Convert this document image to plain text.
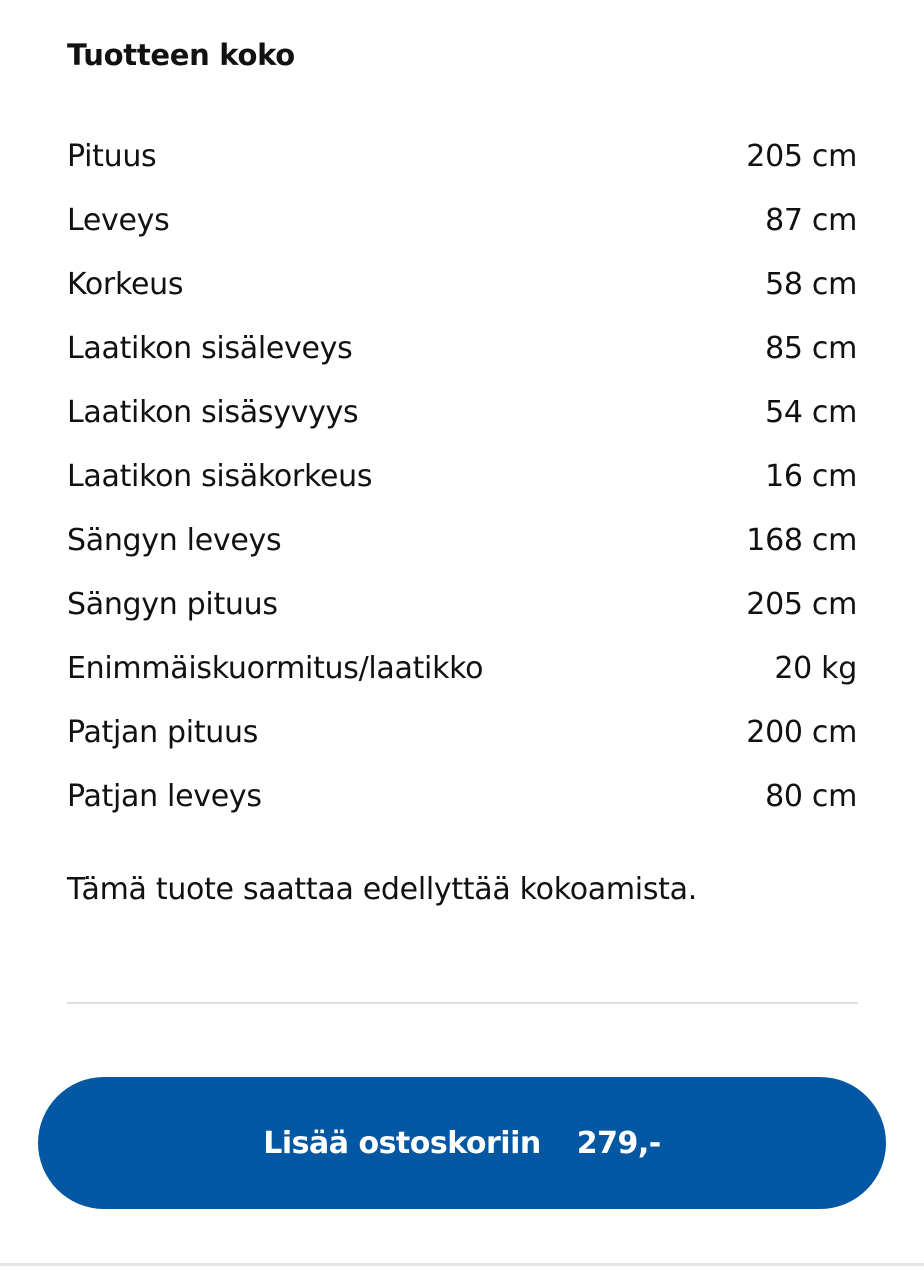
Tuotteen koko
Pituus	205 cm
Leveys	87 cm
Korkeus	58 cm
Laatikon sisäleveys	85 cm
Laatikon sisäsyvyys	54 cm
Laatikon sisäkorkeus	16 cm
Sängyn leveys	168 cm
Sängyn pituus	205 cm
Enimmäiskuormitus/laatikko	20 kg
Patjan pituus	200 cm
Patjan leveys	80 cm
Tämä tuote saattaa edellyttää kokoamista.
Lisää ostoskoriin 279,-
